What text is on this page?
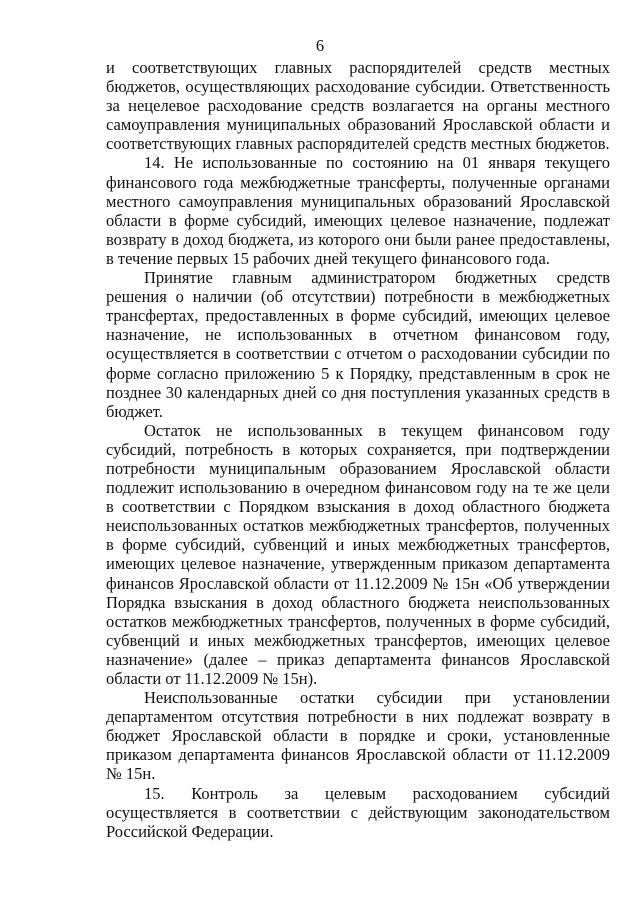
6

и соответствующих главных распорядителей средств местных бюджетов, осуществляющих расходование субсидии. Ответственность за нецелевое расходование средств возлагается на органы местного самоуправления муниципальных образований Ярославской области и соответствующих главных распорядителей средств местных бюджетов.

14. Не использованные по состоянию на 01 января текущего финансового года межбюджетные трансферты, полученные органами местного самоуправления муниципальных образований Ярославской области в форме субсидий, имеющих целевое назначение, подлежат возврату в доход бюджета, из которого они были ранее предоставлены, в течение первых 15 рабочих дней текущего финансового года.

Принятие главным администратором бюджетных средств решения о наличии (об отсутствии) потребности в межбюджетных трансфертах, предоставленных в форме субсидий, имеющих целевое назначение, не использованных в отчетном финансовом году, осуществляется в соответствии с отчетом о расходовании субсидии по форме согласно приложению 5 к Порядку, представленным в срок не позднее 30 календарных дней со дня поступления указанных средств в бюджет.

Остаток не использованных в текущем финансовом году субсидий, потребность в которых сохраняется, при подтверждении потребности муниципальным образованием Ярославской области подлежит использованию в очередном финансовом году на те же цели в соответствии с Порядком взыскания в доход областного бюджета неиспользованных остатков межбюджетных трансфертов, полученных в форме субсидий, субвенций и иных межбюджетных трансфертов, имеющих целевое назначение, утвержденным приказом департамента финансов Ярославской области от 11.12.2009 № 15н «Об утверждении Порядка взыскания в доход областного бюджета неиспользованных остатков межбюджетных трансфертов, полученных в форме субсидий, субвенций и иных межбюджетных трансфертов, имеющих целевое назначение» (далее – приказ департамента финансов Ярославской области от 11.12.2009 № 15н).

Неиспользованные остатки субсидии при установлении департаментом отсутствия потребности в них подлежат возврату в бюджет Ярославской области в порядке и сроки, установленные приказом департамента финансов Ярославской области от 11.12.2009 № 15н.

15. Контроль за целевым расходованием субсидий осуществляется в соответствии с действующим законодательством Российской Федерации.
